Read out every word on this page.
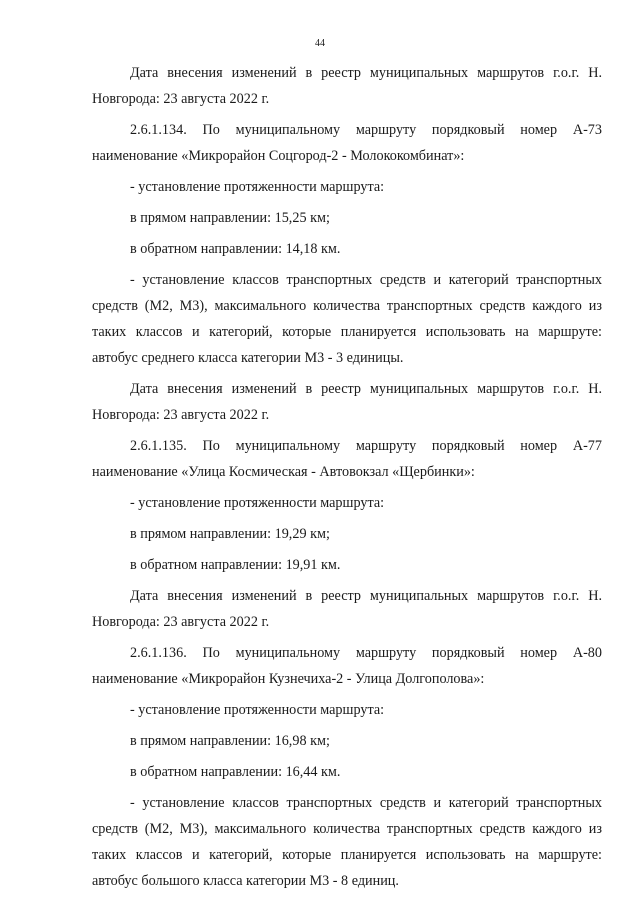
44

Дата внесения изменений в реестр муниципальных маршрутов г.о.г. Н. Новгорода: 23 августа 2022 г.

2.6.1.134. По муниципальному маршруту порядковый номер А-73 наименование «Микрорайон Соцгород-2 - Молококомбинат»:

- установление протяженности маршрута:

в прямом направлении: 15,25 км;

в обратном направлении: 14,18 км.

- установление классов транспортных средств и категорий транспортных средств (М2, М3), максимального количества транспортных средств каждого из таких классов и категорий, которые планируется использовать на маршруте: автобус среднего класса категории М3 - 3 единицы.

Дата внесения изменений в реестр муниципальных маршрутов г.о.г. Н. Новгорода: 23 августа 2022 г.

2.6.1.135. По муниципальному маршруту порядковый номер А-77 наименование «Улица Космическая - Автовокзал «Щербинки»:

- установление протяженности маршрута:

в прямом направлении: 19,29 км;

в обратном направлении: 19,91 км.

Дата внесения изменений в реестр муниципальных маршрутов г.о.г. Н. Новгорода: 23 августа 2022 г.

2.6.1.136. По муниципальному маршруту порядковый номер А-80 наименование «Микрорайон Кузнечиха-2 - Улица Долгополова»:

- установление протяженности маршрута:

в прямом направлении: 16,98 км;

в обратном направлении: 16,44 км.

- установление классов транспортных средств и категорий транспортных средств (М2, М3), максимального количества транспортных средств каждого из таких классов и категорий, которые планируется использовать на маршруте: автобус большого класса категории М3 - 8 единиц.
